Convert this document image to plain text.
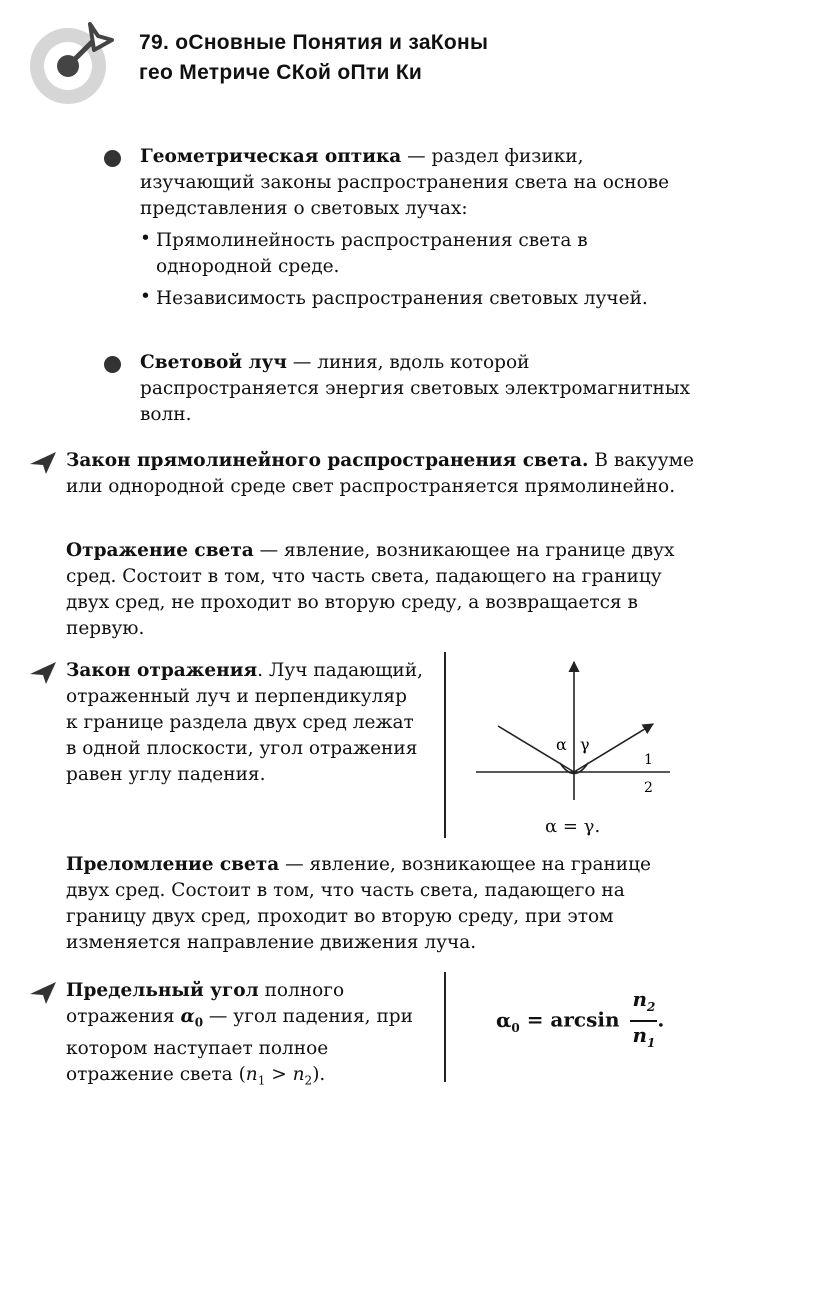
79. оСновные Понятия и заКоны
гео Метриче СКой оПти Ки
Геометрическая оптика — раздел физики, изучающий законы распространения света на основе представления о световых лучах:
• Прямолинейность распространения света в однородной среде.
• Независимость распространения световых лучей.
Световой луч — линия, вдоль которой распространяется энергия световых электромагнитных волн.
Закон прямолинейного распространения света. В вакууме или однородной среде свет распространяется прямолинейно.
Отражение света — явление, возникающее на границе двух сред. Состоит в том, что часть света, падающего на границу двух сред, не проходит во вторую среду, а возвращается в первую.
Закон отражения. Луч падающий, отраженный луч и перпендикуляр к границе раздела двух сред лежат в одной плоскости, угол отражения равен углу падения.
α γ
1
2
α = γ.
Преломление света — явление, возникающее на границе двух сред. Состоит в том, что часть света, падающего на границу двух сред, проходит во вторую среду, при этом изменяется направление движения луча.
Предельный угол полного отражения $\alpha_0$ — угол падения, при котором наступает полное отражение света $(n_1 > n_2)$.
$\alpha_0 = \arcsin \frac{n_2}{n_1}$ .
